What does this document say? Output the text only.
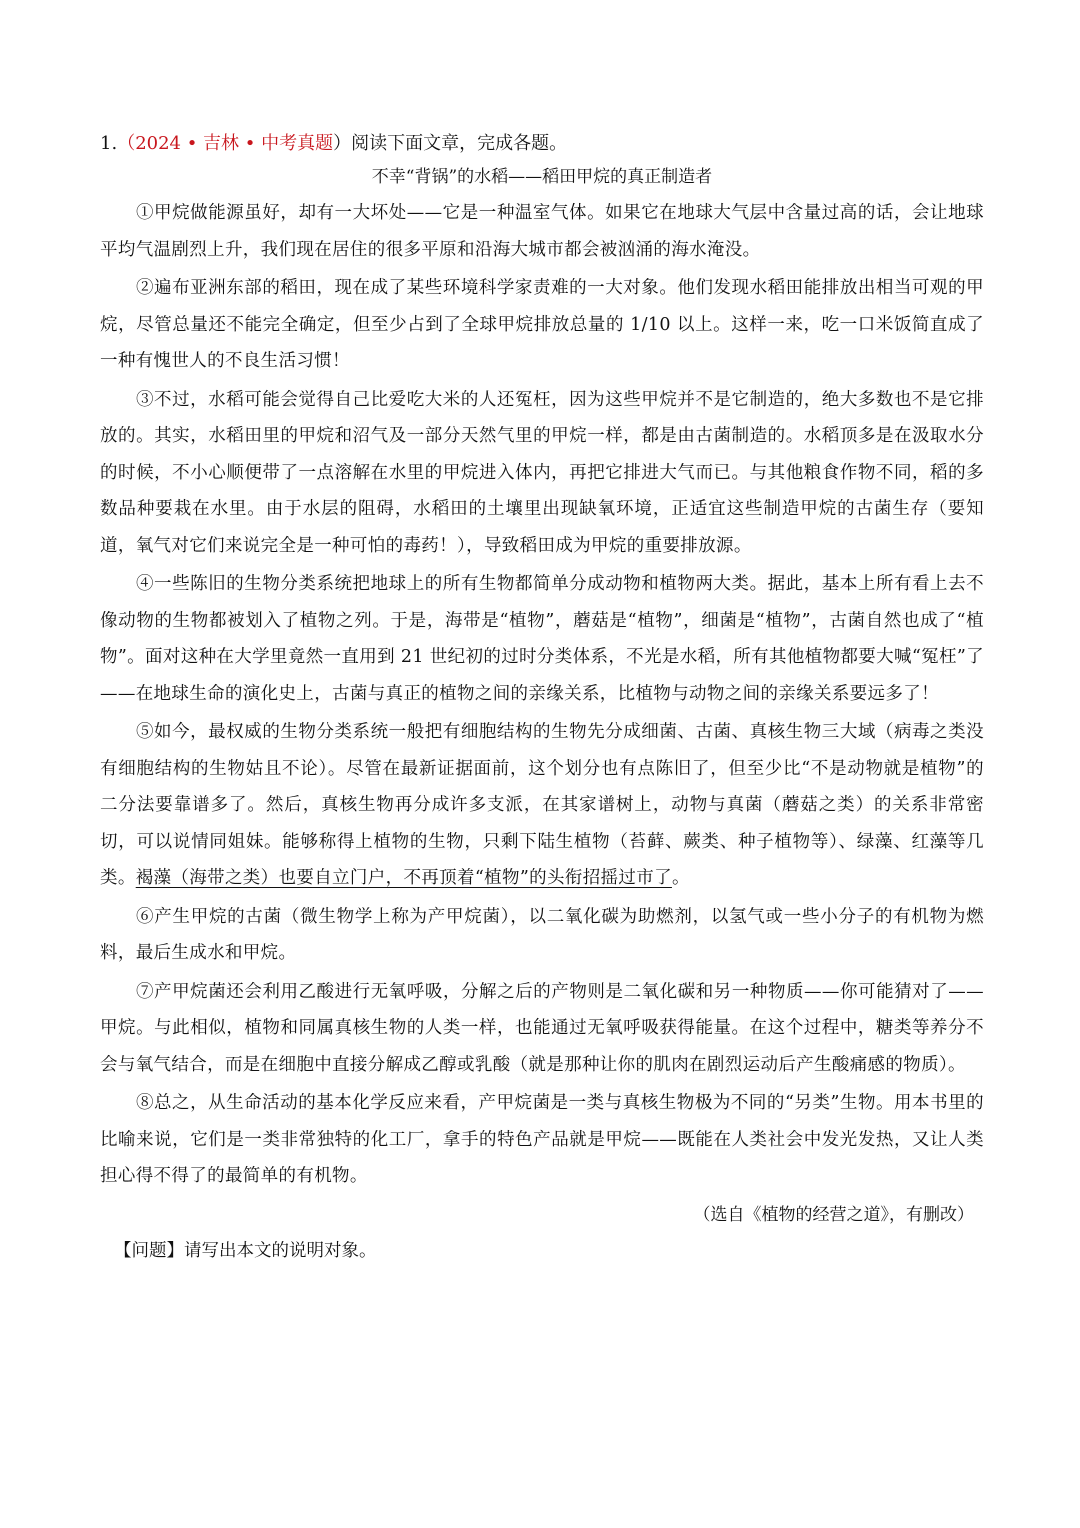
1.（2024 • 吉林 • 中考真题）阅读下面文章，完成各题。

不幸“背锅”的水稻——稻田甲烷的真正制造者

①甲烷做能源虽好，却有一大坏处——它是一种温室气体。如果它在地球大气层中含量过高的话，会让地球平均气温剧烈上升，我们现在居住的很多平原和沿海大城市都会被汹涌的海水淹没。

②遍布亚洲东部的稻田，现在成了某些环境科学家责难的一大对象。他们发现水稻田能排放出相当可观的甲烷，尽管总量还不能完全确定，但至少占到了全球甲烷排放总量的 1/10 以上。这样一来，吃一口米饭简直成了一种有愧世人的不良生活习惯！

③不过，水稻可能会觉得自己比爱吃大米的人还冤枉，因为这些甲烷并不是它制造的，绝大多数也不是它排放的。其实，水稻田里的甲烷和沼气及一部分天然气里的甲烷一样，都是由古菌制造的。水稻顶多是在汲取水分的时候，不小心顺便带了一点溶解在水里的甲烷进入体内，再把它排进大气而已。与其他粮食作物不同，稻的多数品种要栽在水里。由于水层的阻碍，水稻田的土壤里出现缺氧环境，正适宜这些制造甲烷的古菌生存（要知道，氧气对它们来说完全是一种可怕的毒药！），导致稻田成为甲烷的重要排放源。

④一些陈旧的生物分类系统把地球上的所有生物都简单分成动物和植物两大类。据此，基本上所有看上去不像动物的生物都被划入了植物之列。于是，海带是“植物”，蘑菇是“植物”，细菌是“植物”，古菌自然也成了“植物”。面对这种在大学里竟然一直用到 21 世纪初的过时分类体系，不光是水稻，所有其他植物都要大喊“冤枉”了——在地球生命的演化史上，古菌与真正的植物之间的亲缘关系，比植物与动物之间的亲缘关系要远多了！

⑤如今，最权威的生物分类系统一般把有细胞结构的生物先分成细菌、古菌、真核生物三大域（病毒之类没有细胞结构的生物姑且不论）。尽管在最新证据面前，这个划分也有点陈旧了，但至少比“不是动物就是植物”的二分法要靠谱多了。然后，真核生物再分成许多支派，在其家谱树上，动物与真菌（蘑菇之类）的关系非常密切，可以说情同姐妹。能够称得上植物的生物，只剩下陆生植物（苔藓、蕨类、种子植物等）、绿藻、红藻等几类。褐藻（海带之类）也要自立门户，不再顶着“植物”的头衔招摇过市了。

⑥产生甲烷的古菌（微生物学上称为产甲烷菌），以二氧化碳为助燃剂，以氢气或一些小分子的有机物为燃料，最后生成水和甲烷。

⑦产甲烷菌还会利用乙酸进行无氧呼吸，分解之后的产物则是二氧化碳和另一种物质——你可能猜对了——甲烷。与此相似，植物和同属真核生物的人类一样，也能通过无氧呼吸获得能量。在这个过程中，糖类等养分不会与氧气结合，而是在细胞中直接分解成乙醇或乳酸（就是那种让你的肌肉在剧烈运动后产生酸痛感的物质）。

⑧总之，从生命活动的基本化学反应来看，产甲烷菌是一类与真核生物极为不同的“另类”生物。用本书里的比喻来说，它们是一类非常独特的化工厂，拿手的特色产品就是甲烷——既能在人类社会中发光发热，又让人类担心得不得了的最简单的有机物。

（选自《植物的经营之道》，有删改）

【问题】请写出本文的说明对象。
